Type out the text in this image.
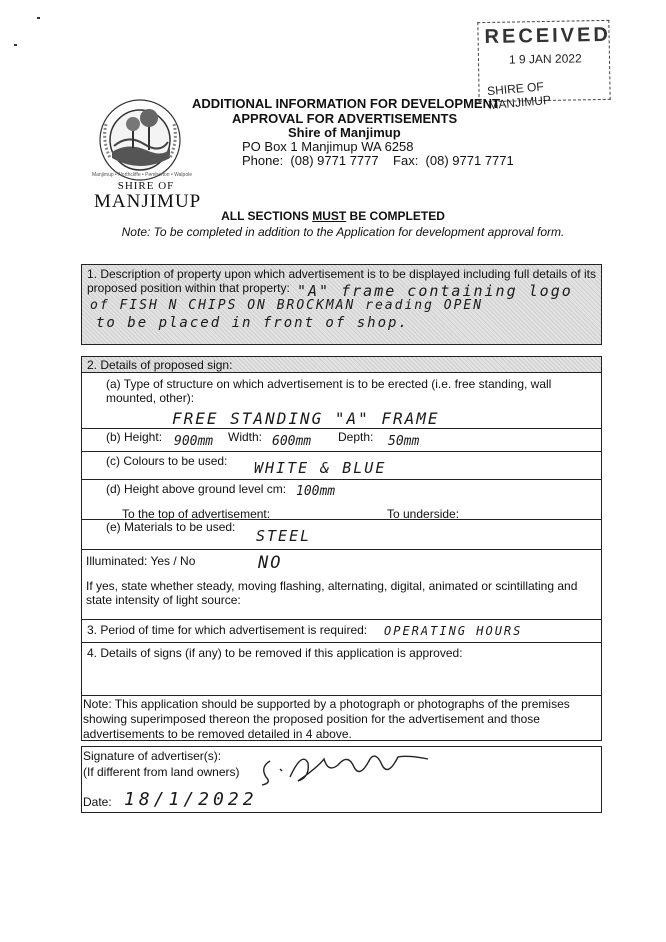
RECEIVED
1 9 JAN 2022
SHIRE OF MANJIMUP
Manjimup • Northcliffe • Pemberton • Walpole
SHIRE OF
MANJIMUP
ADDITIONAL INFORMATION FOR DEVELOPMENT
APPROVAL FOR ADVERTISEMENTS
Shire of Manjimup
PO Box 1 Manjimup WA 6258
Phone:  (08) 9771 7777    Fax:  (08) 9771 7771
ALL SECTIONS MUST BE COMPLETED
Note: To be completed in addition to the Application for development approval form.
1. Description of property upon which advertisement is to be displayed including full details of its proposed position within that property: "A" frame containing logo
of FISH N CHIPS ON BROCKMAN reading OPEN
to be placed in front of shop.
2. Details of proposed sign:
(a) Type of structure on which advertisement is to be erected (i.e. free standing, wall mounted, other):
FREE STANDING "A" FRAME
(b) Height: 900mm Width: 600mm Depth: 50mm
(c) Colours to be used: WHITE & BLUE
(d) Height above ground level cm: 100mm
To the top of advertisement:	To underside:
(e) Materials to be used: STEEL
Illuminated: Yes / No	NO
If yes, state whether steady, moving flashing, alternating, digital, animated or scintillating and state intensity of light source:
3. Period of time for which advertisement is required: OPERATING HOURS
4. Details of signs (if any) to be removed if this application is approved:
Note: This application should be supported by a photograph or photographs of the premises showing superimposed thereon the proposed position for the advertisement and those advertisements to be removed detailed in 4 above.
Signature of advertiser(s):
(If different from land owners)
Date: 18/1/2022
